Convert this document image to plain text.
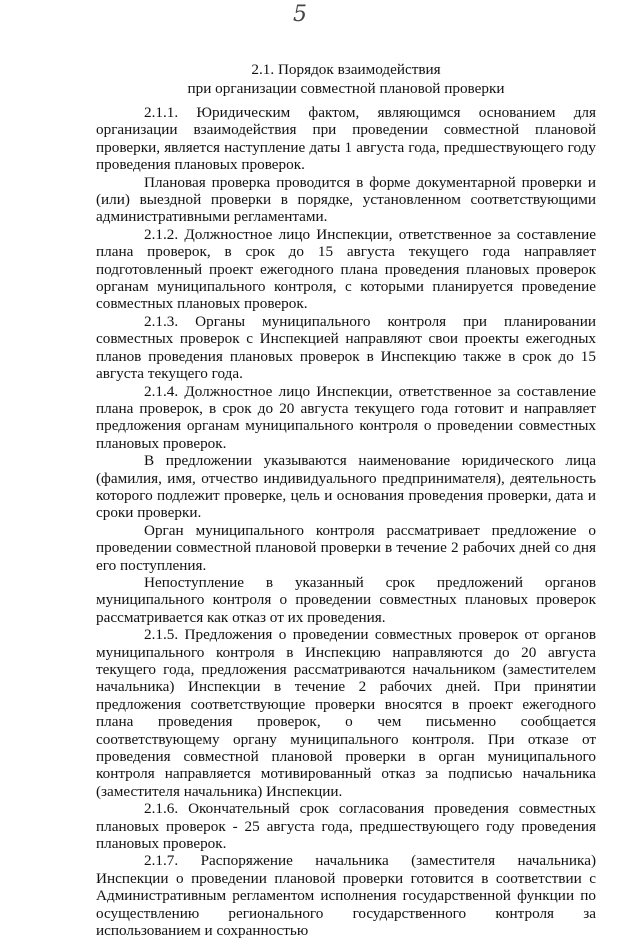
5
2.1. Порядок взаимодействия
при организации совместной плановой проверки

2.1.1. Юридическим фактом, являющимся основанием для организации взаимодействия при проведении совместной плановой проверки, является наступление даты 1 августа года, предшествующего году проведения плановых проверок.

Плановая проверка проводится в форме документарной проверки и (или) выездной проверки в порядке, установленном соответствующими административными регламентами.

2.1.2. Должностное лицо Инспекции, ответственное за составление плана проверок, в срок до 15 августа текущего года направляет подготовленный проект ежегодного плана проведения плановых проверок органам муниципального контроля, с которыми планируется проведение совместных плановых проверок.

2.1.3. Органы муниципального контроля при планировании совместных проверок с Инспекцией направляют свои проекты ежегодных планов проведения плановых проверок в Инспекцию также в срок до 15 августа текущего года.

2.1.4. Должностное лицо Инспекции, ответственное за составление плана проверок, в срок до 20 августа текущего года готовит и направляет предложения органам муниципального контроля о проведении совместных плановых проверок.

В предложении указываются наименование юридического лица (фамилия, имя, отчество индивидуального предпринимателя), деятельность которого подлежит проверке, цель и основания проведения проверки, дата и сроки проверки.

Орган муниципального контроля рассматривает предложение о проведении совместной плановой проверки в течение 2 рабочих дней со дня его поступления.

Непоступление в указанный срок предложений органов муниципального контроля о проведении совместных плановых проверок рассматривается как отказ от их проведения.

2.1.5. Предложения о проведении совместных проверок от органов муниципального контроля в Инспекцию направляются до 20 августа текущего года, предложения рассматриваются начальником (заместителем начальника) Инспекции в течение 2 рабочих дней. При принятии предложения соответствующие проверки вносятся в проект ежегодного плана проведения проверок, о чем письменно сообщается соответствующему органу муниципального контроля. При отказе от проведения совместной плановой проверки в орган муниципального контроля направляется мотивированный отказ за подписью начальника (заместителя начальника) Инспекции.

2.1.6. Окончательный срок согласования проведения совместных плановых проверок - 25 августа года, предшествующего году проведения плановых проверок.

2.1.7. Распоряжение начальника (заместителя начальника) Инспекции о проведении плановой проверки готовится в соответствии с Административным регламентом исполнения государственной функции по осуществлению регионального государственного контроля за использованием и сохранностью
